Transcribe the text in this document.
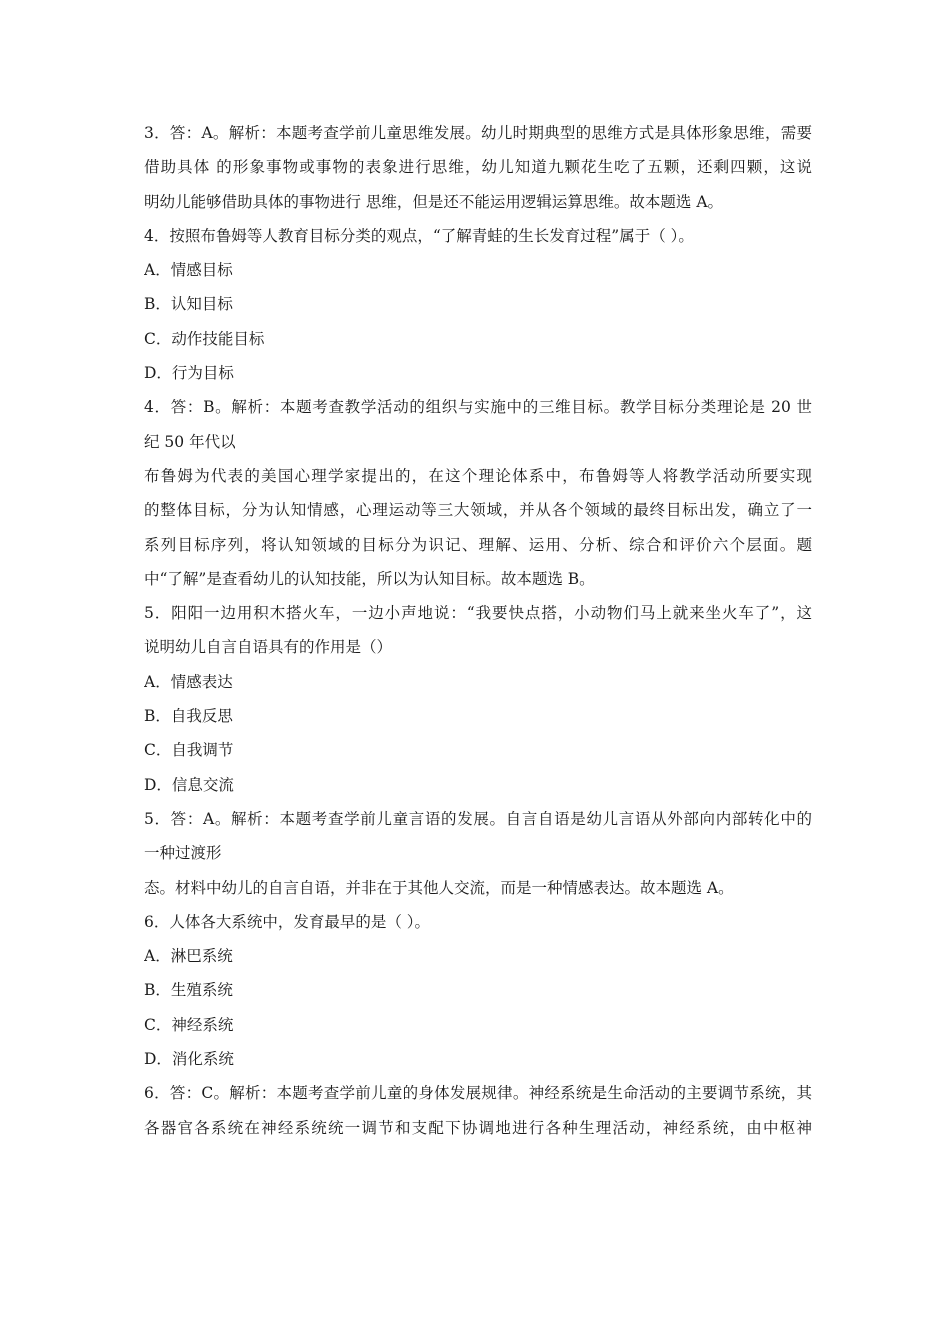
3．答：A。解析：本题考查学前儿童思维发展。幼儿时期典型的思维方式是具体形象思维，需要
借助具体 的形象事物或事物的表象进行思维，幼儿知道九颗花生吃了五颗，还剩四颗，这说
明幼儿能够借助具体的事物进行 思维，但是还不能运用逻辑运算思维。故本题选 A。
4．按照布鲁姆等人教育目标分类的观点，“了解青蛙的生长发育过程”属于（ ）。
A．情感目标
B．认知目标
C．动作技能目标
D．行为目标
4．答：B。解析：本题考查教学活动的组织与实施中的三维目标。教学目标分类理论是 20 世
纪 50 年代以
布鲁姆为代表的美国心理学家提出的，在这个理论体系中，布鲁姆等人将教学活动所要实现
的整体目标，分为认知情感，心理运动等三大领域，并从各个领域的最终目标出发，确立了一
系列目标序列，将认知领域的目标分为识记、理解、运用、分析、综合和评价六个层面。题
中“了解”是查看幼儿的认知技能，所以为认知目标。故本题选 B。
5．阳阳一边用积木搭火车，一边小声地说：“我要快点搭，小动物们马上就来坐火车了”，这
说明幼儿自言自语具有的作用是（）
A．情感表达
B．自我反思
C．自我调节
D．信息交流
5．答：A。解析：本题考查学前儿童言语的发展。自言自语是幼儿言语从外部向内部转化中的
一种过渡形
态。材料中幼儿的自言自语，并非在于其他人交流，而是一种情感表达。故本题选 A。
6．人体各大系统中，发育最早的是（ ）。
A．淋巴系统
B．生殖系统
C．神经系统
D．消化系统
6．答：C。解析：本题考查学前儿童的身体发展规律。神经系统是生命活动的主要调节系统，其
各器官各系统在神经系统统一调节和支配下协调地进行各种生理活动，神经系统，由中枢神
